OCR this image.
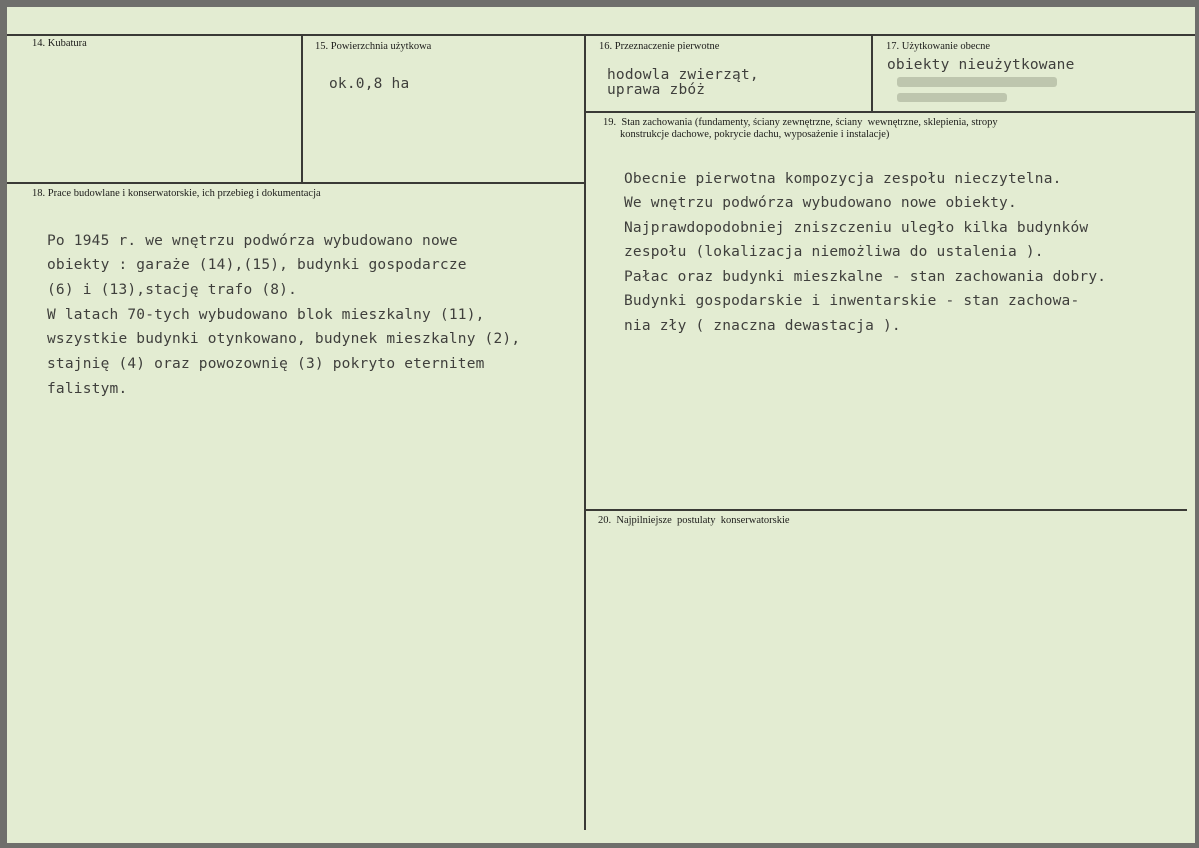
14. Kubatura	15. Powierzchnia użytkowa
ok.0,8 ha
16. Przeznaczenie pierwotne
hodowla zwierząt,
uprawa zbóż
17. Użytkowanie obecne
obiekty nieużytkowane
18. Prace budowlane i konserwatorskie, ich przebieg i dokumentacja
Po 1945 r. we wnętrzu podwórza wybudowano nowe
obiekty : garaże (14),(15), budynki gospodarcze
(6) i (13),stację trafo (8).
W latach 70-tych wybudowano blok mieszkalny (11),
wszystkie budynki otynkowano, budynek mieszkalny (2),
stajnię (4) oraz powozownię (3) pokryto eternitem
falistym.
19.  Stan zachowania (fundamenty, ściany zewnętrzne, ściany  wewnętrzne, sklepienia, stropy
konstrukcje dachowe, pokrycie dachu, wyposażenie i instalacje)
Obecnie pierwotna kompozycja zespołu nieczytelna.
We wnętrzu podwórza wybudowano nowe obiekty.
Najprawdopodobniej zniszczeniu uległo kilka budynków
zespołu (lokalizacja niemożliwa do ustalenia ).
Pałac oraz budynki mieszkalne - stan zachowania dobry.
Budynki gospodarskie i inwentarskie - stan zachowa-
nia zły ( znaczna dewastacja ).
20.  Najpilniejsze  postulaty  konserwatorskie
